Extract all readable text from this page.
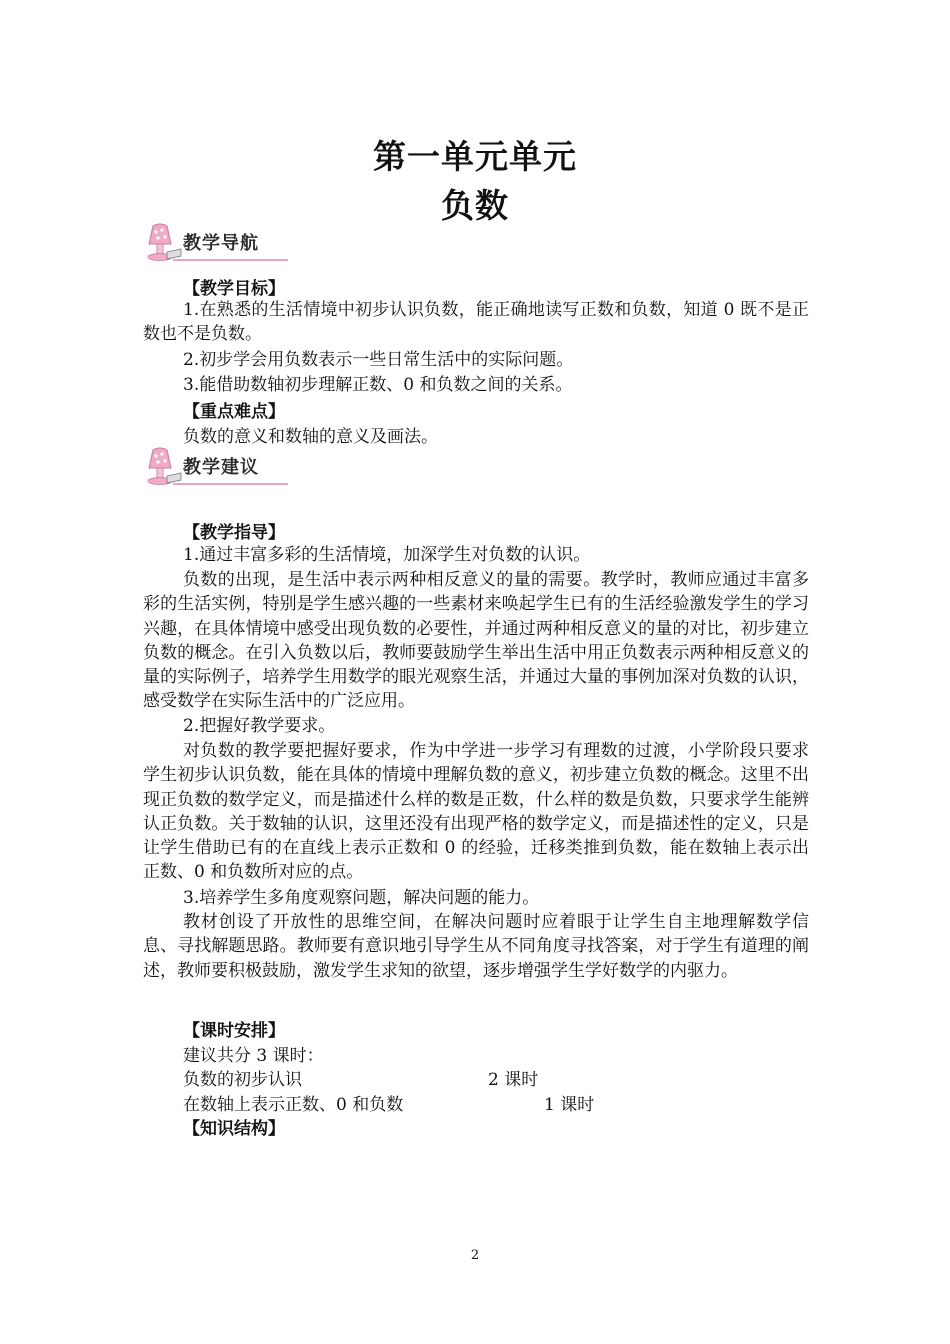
第一单元单元
负数
教学导航
【教学目标】
1.在熟悉的生活情境中初步认识负数，能正确地读写正数和负数，知道 0 既不是正数也不是负数。
2.初步学会用负数表示一些日常生活中的实际问题。
3.能借助数轴初步理解正数、0 和负数之间的关系。
【重点难点】
负数的意义和数轴的意义及画法。
教学建议
【教学指导】
1.通过丰富多彩的生活情境，加深学生对负数的认识。
负数的出现，是生活中表示两种相反意义的量的需要。教学时，教师应通过丰富多彩的生活实例，特别是学生感兴趣的一些素材来唤起学生已有的生活经验激发学生的学习兴趣，在具体情境中感受出现负数的必要性，并通过两种相反意义的量的对比，初步建立负数的概念。在引入负数以后，教师要鼓励学生举出生活中用正负数表示两种相反意义的量的实际例子，培养学生用数学的眼光观察生活，并通过大量的事例加深对负数的认识，感受数学在实际生活中的广泛应用。
2.把握好教学要求。
对负数的教学要把握好要求，作为中学进一步学习有理数的过渡，小学阶段只要求学生初步认识负数，能在具体的情境中理解负数的意义，初步建立负数的概念。这里不出现正负数的数学定义，而是描述什么样的数是正数，什么样的数是负数，只要求学生能辨认正负数。关于数轴的认识，这里还没有出现严格的数学定义，而是描述性的定义，只是让学生借助已有的在直线上表示正数和 0 的经验，迁移类推到负数，能在数轴上表示出正数、0 和负数所对应的点。
3.培养学生多角度观察问题，解决问题的能力。
教材创设了开放性的思维空间，在解决问题时应着眼于让学生自主地理解数学信息、寻找解题思路。教师要有意识地引导学生从不同角度寻找答案，对于学生有道理的阐述，教师要积极鼓励，激发学生求知的欲望，逐步增强学生学好数学的内驱力。
【课时安排】
建议共分 3 课时：
负数的初步认识	2 课时
在数轴上表示正数、0 和负数	1 课时
【知识结构】
2
